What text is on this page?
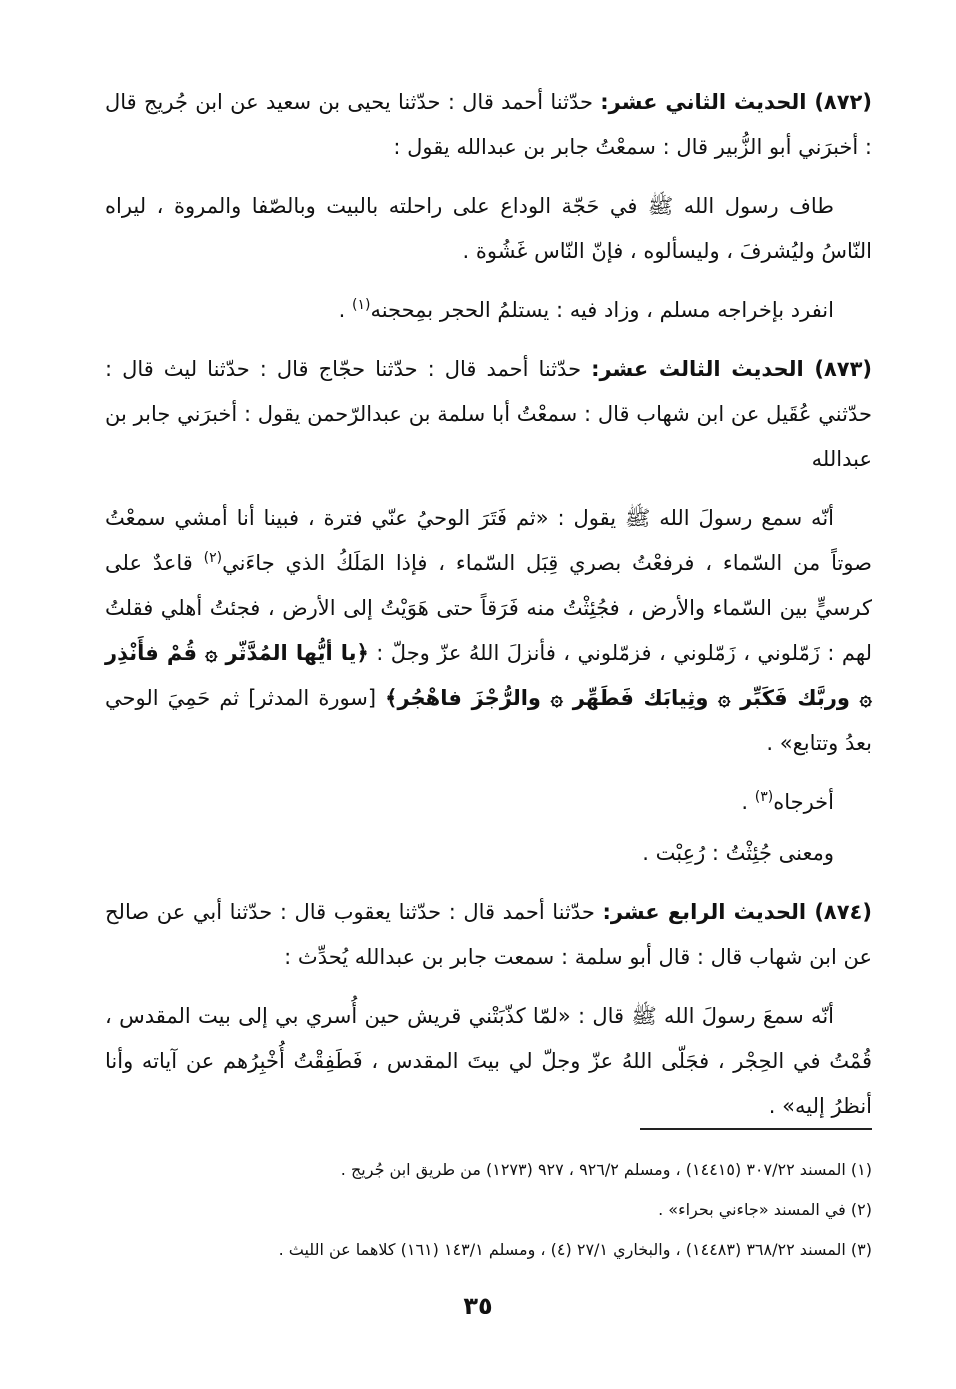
(٨٧٢) الحديث الثاني عشر: حدّثنا أحمد قال : حدّثنا يحيى بن سعيد عن ابن جُريج قال : أخبرَني أبو الزُّبير قال : سمعْتُ جابر بن عبدالله يقول :

طاف رسول الله ﷺ في حَجّة الوداع على راحلته بالبيت وبالصّفا والمروة ، ليراه النّاسُ وليُشرفَ ، وليسألوه ، فإنّ النّاس غَشُوة .

انفرد بإخراجه مسلم ، وزاد فيه : يستلمُ الحجر بمِحجنه$^{(١)}$ .

(٨٧٣) الحديث الثالث عشر: حدّثنا أحمد قال : حدّثنا حجّاج قال : حدّثنا ليث قال : حدّثني عُقَيل عن ابن شهاب قال : سمعْتُ أبا سلمة بن عبدالرّحمن يقول : أخبرَني جابر بن عبدالله

أنّه سمع رسولَ الله ﷺ يقول : «ثم فَتَرَ الوحيُ عنّي فترة ، فبينا أنا أمشي سمعْتُ صوتاً من السّماء ، فرفعْتُ بصري قِبَل السّماء ، فإذا المَلَكُ الذي جاءَني$^{(٢)}$ قاعدٌ على كرسيٍّ بين السّماء والأرض ، فجُئِثْتُ منه فَرَقاً حتى هَوَيْتُ إلى الأرض ، فجئتُ أهلي فقلتُ لهم : زَمّلوني ، زَمّلوني ، فزمّلوني ، فأنزلَ اللهُ عزّ وجلّ : ﴿يا أيُّها المُدَّثّر ۞ قُمْ فأَنْذِر ۞ وربَّك فَكَبِّر ۞ وثِيابَك فَطَهِّر ۞ والرُّجْزَ فاهْجُر﴾ [سورة المدثر] ثم حَمِيَ الوحي بعدُ وتتابع» .

أخرجاه$^{(٣)}$ .

ومعنى جُئِثْتُ : رُعِبْت .

(٨٧٤) الحديث الرابع عشر: حدّثنا أحمد قال : حدّثنا يعقوب قال : حدّثنا أبي عن صالح عن ابن شهاب قال : قال أبو سلمة : سمعت جابر بن عبدالله يُحدِّث :

أنّه سمعَ رسولَ الله ﷺ قال : «لمّا كذّبَتْني قريش حين أُسري بي إلى بيت المقدس ، قُمْتُ في الحِجْر ، فجَلّى اللهُ عزّ وجلّ لي بيتَ المقدس ، فَطَفِقْتُ أُخْبِرُهم عن آياته وأنا أنظرُ إليه» .

(١) المسند ٣٠٧/٢٢ (١٤٤١٥) ، ومسلم ٩٢٦/٢ ، ٩٢٧ (١٢٧٣) من طريق ابن جُريج .

(٢) في المسند «جاءني بحراء» .

(٣) المسند ٣٦٨/٢٢ (١٤٤٨٣) ، والبخاري ٢٧/١ (٤) ، ومسلم ١٤٣/١ (١٦١) كلاهما عن الليث .

٣٥
